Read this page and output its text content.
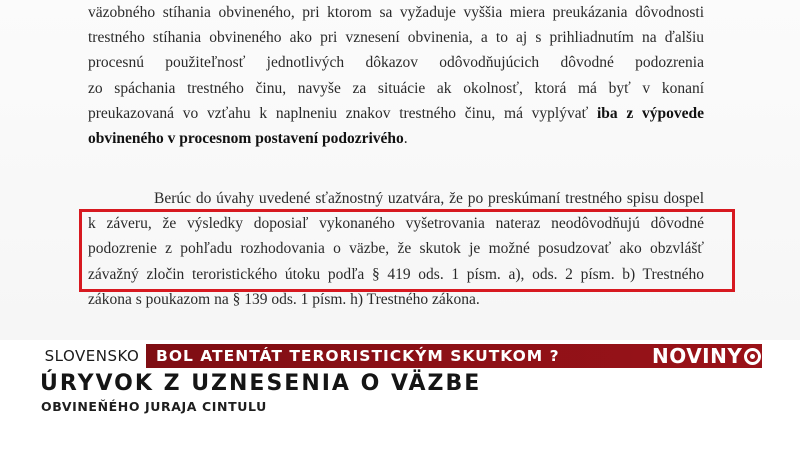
väzobného stíhania obvineného, pri ktorom sa vyžaduje vyššia miera preukázania dôvodnosti
trestného stíhania obvineného ako pri vznesení obvinenia, a to aj s prihliadnutím na ďalšiu
procesnú použiteľnosť jednotlivých dôkazov odôvodňujúcich dôvodné podozrenia
zo spáchania trestného činu, navyše za situácie ak okolnosť, ktorá má byť v konaní
preukazovaná vo vzťahu k naplneniu znakov trestného činu, má vyplývať iba z výpovede
obvineného v procesnom postavení podozrivého.
Berúc do úvahy uvedené sťažnostný uzatvára, že po preskúmaní trestného spisu dospel
k záveru, že výsledky doposiaľ vykonaného vyšetrovania nateraz neodôvodňujú dôvodné
podozrenie z pohľadu rozhodovania o väzbe, že skutok je možné posudzovať ako obzvlášť
závažný zločin teroristického útoku podľa § 419 ods. 1 písm. a), ods. 2 písm. b) Trestného
zákona s poukazom na § 139 ods. 1 písm. h) Trestného zákona.
SLOVENSKO	BOL ATENTÁT TERORISTICKÝM SKUTKOM ?	NOVINY
ÚRYVOK Z UZNESENIA O VÄZBE
OBVINEŇÉHO JURAJA CINTULU
